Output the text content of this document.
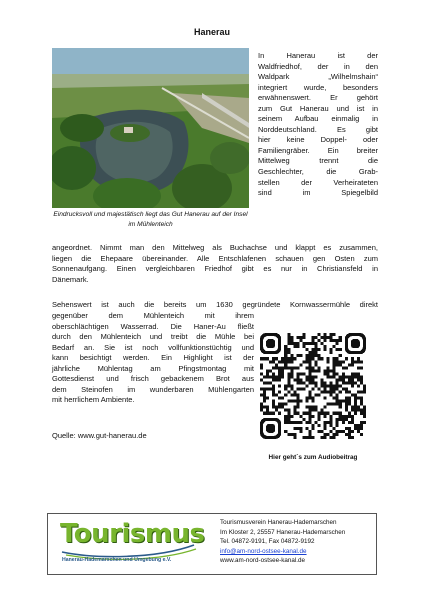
Hanerau
Eindrucksvoll und majestätisch liegt das Gut Hanerau auf der Insel im Mühlenteich
In Hanerau ist der
Waldfriedhof, der in den
Waldpark „Wilhelmshain“
integriert wurde, besonders
erwähnenswert. Er gehört
zum Gut Hanerau und ist in
seinem Aufbau einmalig in
Norddeutschland. Es gibt
hier keine Doppel- oder
Familiengräber. Ein breiter
Mittelweg trennt die
Geschlechter, die Grab-
stellen der Verheirateten
sind im Spiegelbild
angeordnet. Nimmt man den Mittelweg als Buchachse und klappt es zusammen,
liegen die Ehepaare übereinander. Alle Entschlafenen schauen gen Osten zum
Sonnenaufgang. Einen vergleichbaren Friedhof gibt es nur in Christiansfeld in
Dänemark.
Sehenswert ist auch die bereits um 1630 gegründete Kornwassermühle direkt
gegenüber dem Mühlenteich mit ihrem
oberschlächtigen Wasserrad. Die Haner-Au fließt
durch den Mühlenteich und treibt die Mühle bei
Bedarf an. Sie ist noch vollfunktionstüchtig und
kann besichtigt werden. Ein Highlight ist der
jährliche Mühlentag am Pfingstmontag mit
Gottesdienst und frisch gebackenem Brot aus
dem Steinofen im wunderbaren Mühlengarten
mit herrlichem Ambiente.
Quelle: www.gut-hanerau.de
Hier geht´s zum Audiobeitrag
Tourismus
Hanerau-Hademarschen und Umgebung e.V.
Tourismusverein Hanerau-Hademarschen
Im Kloster 2, 25557 Hanerau-Hademarschen
Tel. 04872-9191, Fax 04872-9192
info@am-nord-ostsee-kanal.de
www.am-nord-ostsee-kanal.de
